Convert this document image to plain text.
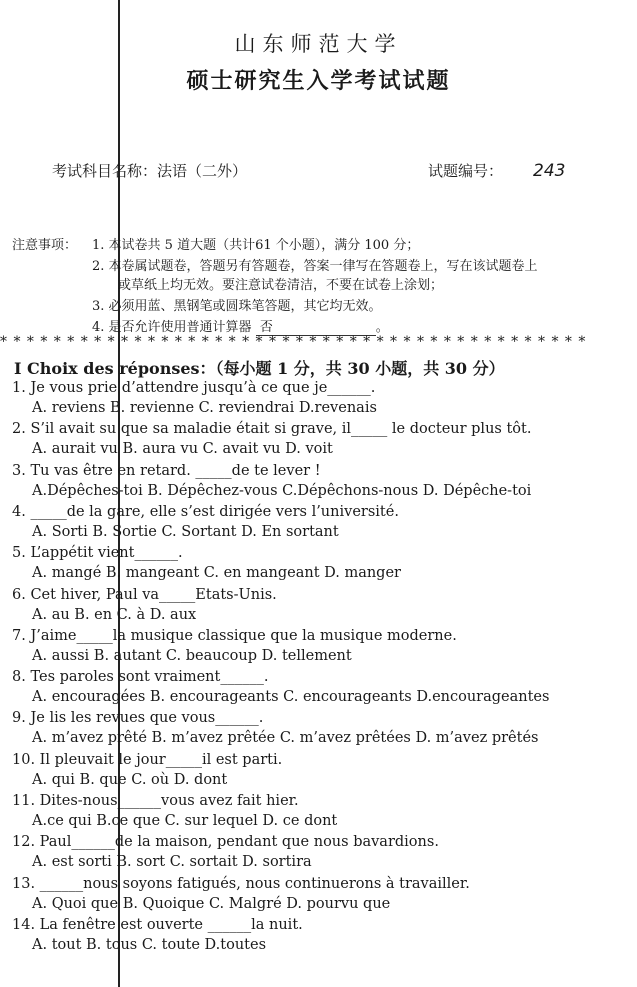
山东师范大学
硕士研究生入学考试试题
考试科目名称：法语（二外）	试题编号： 243
注意事项： 1. 本试卷共 5 道大题（共计61 个小题），满分 100 分；
2. 本卷属试题卷，答题另有答题卷，答案一律写在答题卷上，写在该试题卷上
或草纸上均无效。要注意试卷清洁，不要在试卷上涂划；
3. 必须用蓝、黑钢笔或圆珠笔答题，其它均无效。
4. 是否允许使用普通计算器 否	。
* * * * * * * * * * * * * * * * * * * * * * * * * * * * * * * * * * * * * * * * * * * *
Ⅰ Choix des réponses：（每小题 1 分，共 30 小题，共 30 分）
1. Je vous prie d’attendre jusqu’à ce que je______.
A. reviens B. revienne C. reviendrai D.revenais
2. S’il avait su que sa maladie était si grave, il_____ le docteur plus tôt.
A. aurait vu B. aura vu C. avait vu D. voit
3. Tu vas être en retard. _____de te lever !
A.Dépêches-toi B. Dépêchez-vous C.Dépêchons-nous D. Dépêche-toi
4. _____de la gare, elle s’est dirigée vers l’université.
A. Sorti B. Sortie C. Sortant D. En sortant
5. L’appétit vient______.
A. mangé B. mangeant C. en mangeant D. manger
6. Cet hiver, Paul va_____Etats-Unis.
A. au B. en C. à D. aux
7. J’aime_____la musique classique que la musique moderne.
A. aussi B. autant C. beaucoup D. tellement
8. Tes paroles sont vraiment______.
A. encouragées B. encourageants C. encourageants D.encourageantes
9. Je lis les revues que vous______.
A. m’avez prêté B. m’avez prêtée C. m’avez prêtées D. m’avez prêtés
10. Il pleuvait le jour_____il est parti.
A. qui B. que C. où D. dont
11. Dites-nous______vous avez fait hier.
A.ce qui B.ce que C. sur lequel D. ce dont
12. Paul______de la maison, pendant que nous bavardions.
A. est sorti B. sort C. sortait D. sortira
13. ______nous soyons fatigués, nous continuerons à travailler.
A. Quoi que B. Quoique C. Malgré D. pourvu que
14. La fenêtre est ouverte ______la nuit.
A. tout B. tous C. toute D.toutes
